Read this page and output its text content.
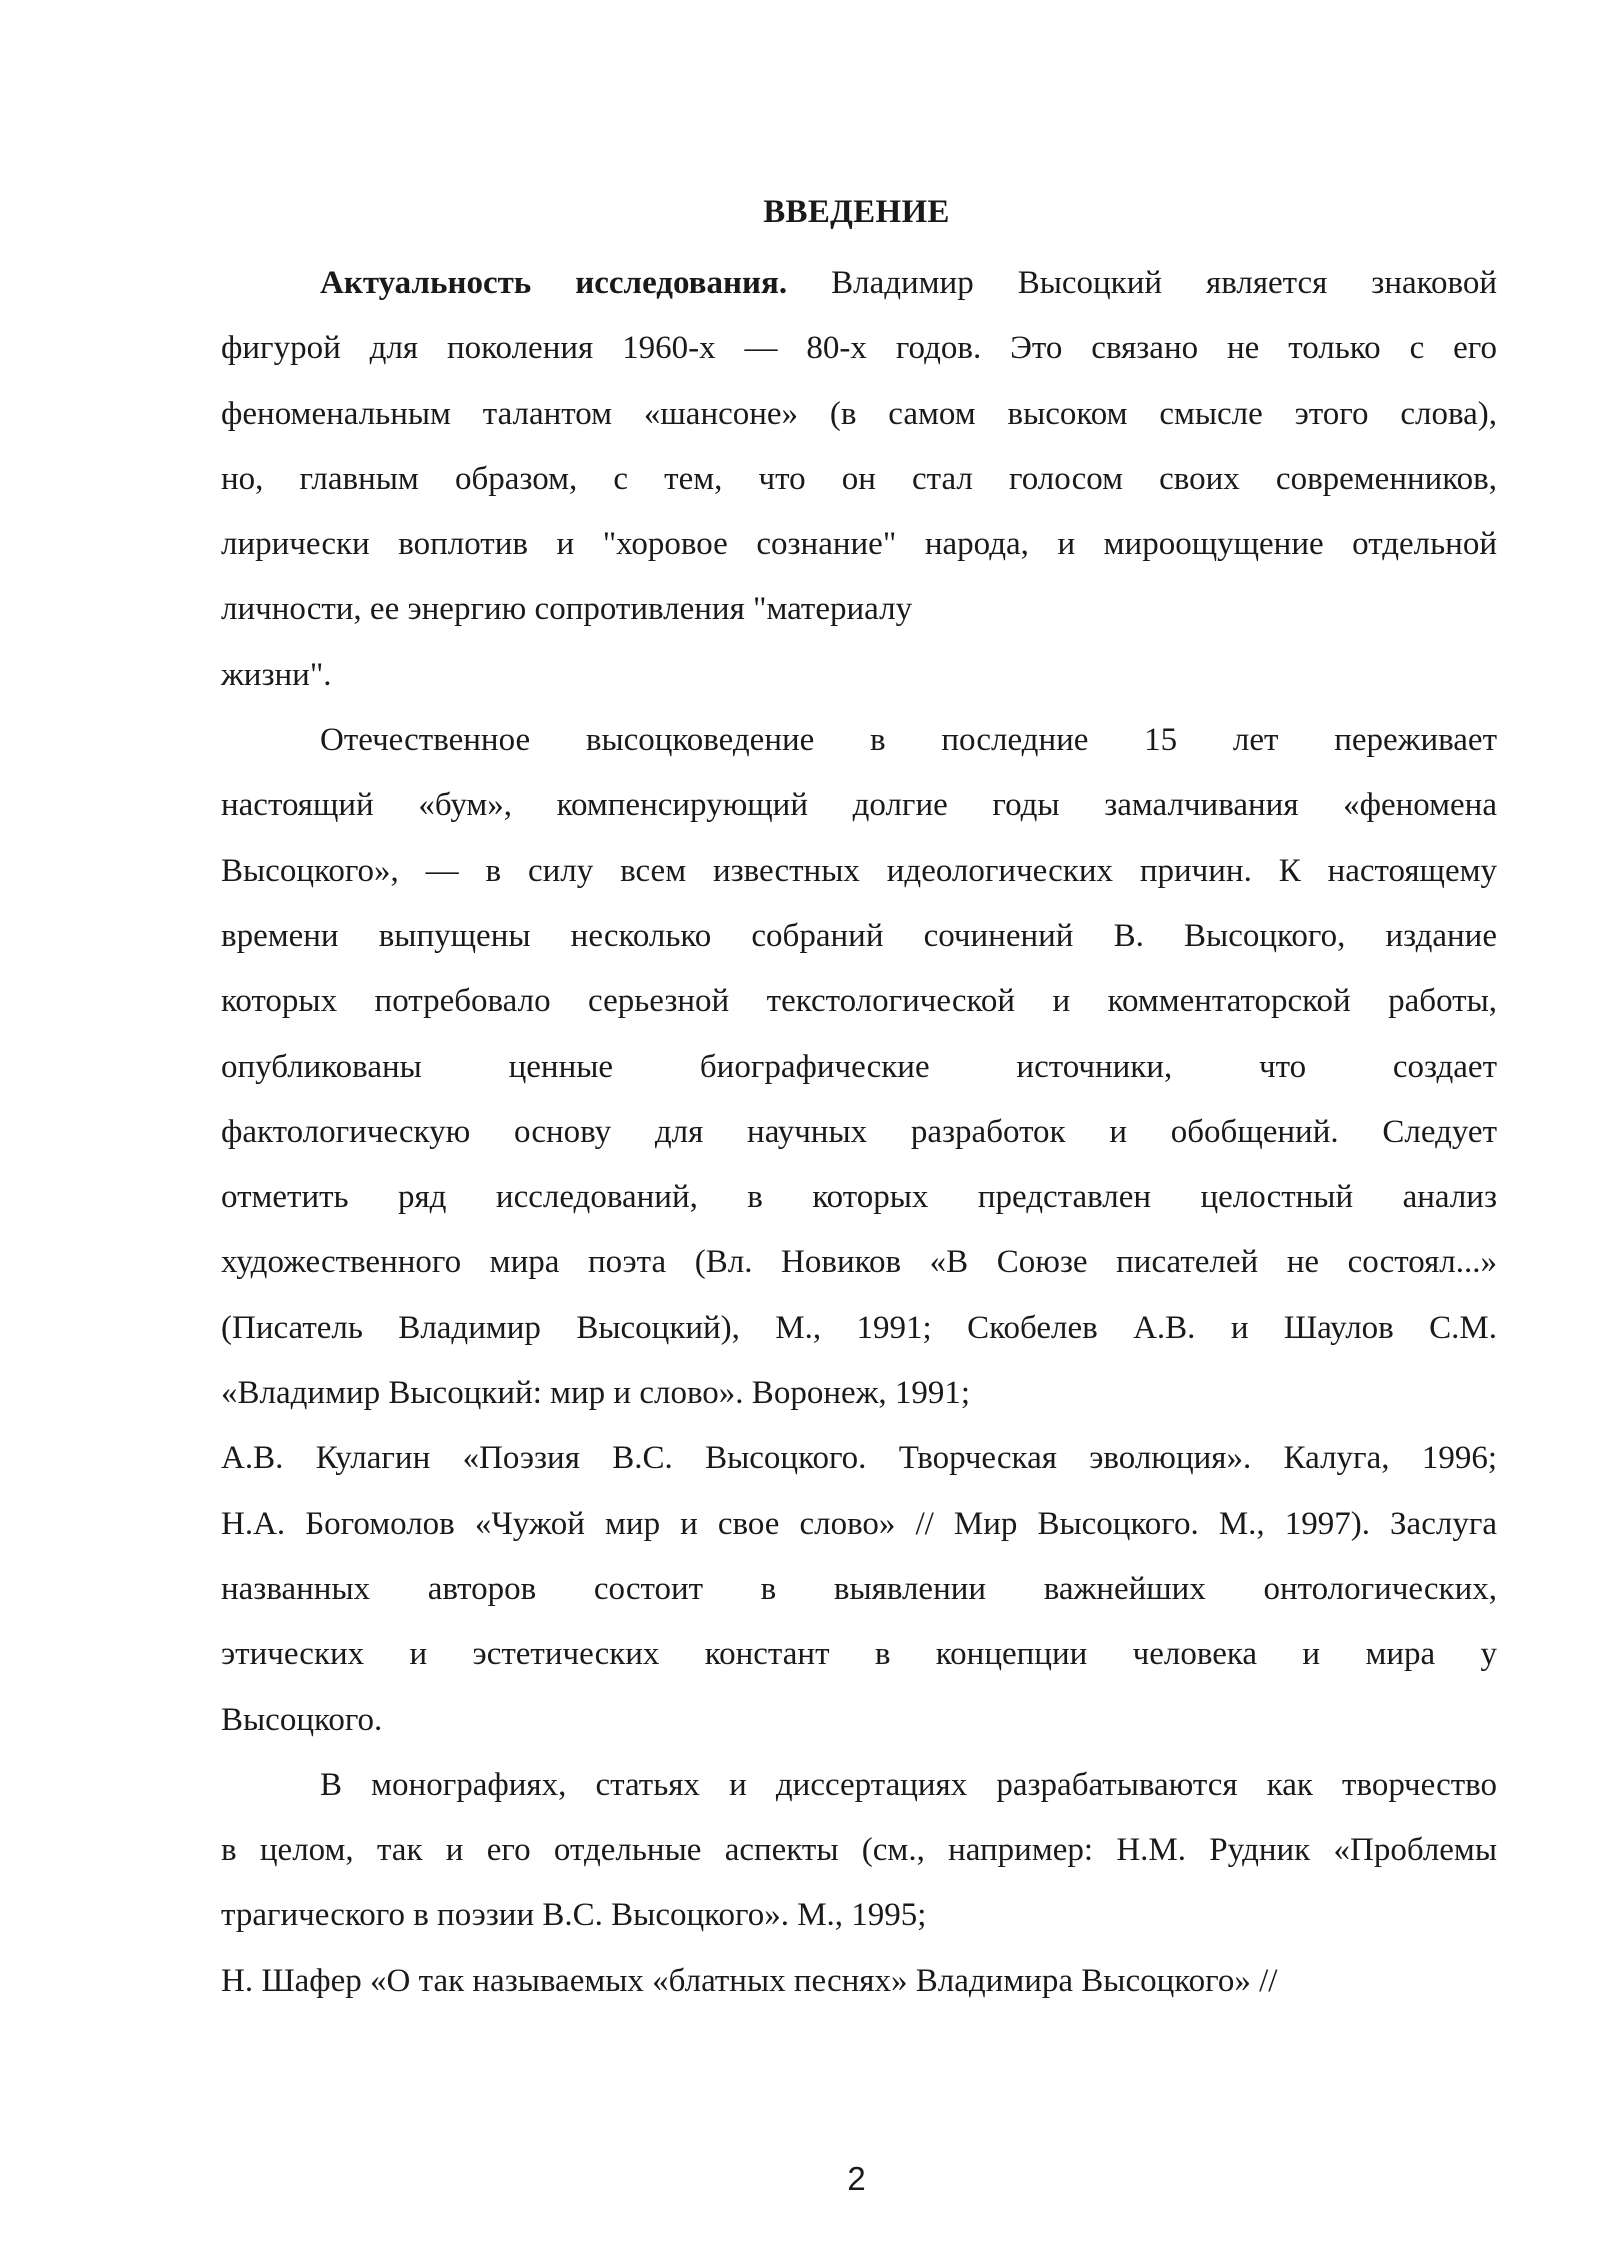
ВВЕДЕНИЕ
Актуальность исследования. Владимир Высоцкий является знаковой
фигурой для поколения 1960-х — 80-х годов. Это связано не только с его
феноменальным талантом «шансоне» (в самом высоком смысле этого слова),
но, главным образом, с тем, что он стал голосом своих современников,
лирически воплотив и "хоровое сознание" народа, и мироощущение отдельной
личности, ее энергию сопротивления "материалу
жизни".
Отечественное высоцковедение в последние 15 лет переживает
настоящий «бум», компенсирующий долгие годы замалчивания «феномена
Высоцкого», — в силу всем известных идеологических причин. К настоящему
времени выпущены несколько собраний сочинений В. Высоцкого, издание
которых потребовало серьезной текстологической и комментаторской работы,
опубликованы ценные биографические источники, что создает
фактологическую основу для научных разработок и обобщений. Следует
отметить ряд исследований, в которых представлен целостный анализ
художественного мира поэта (Вл. Новиков «В Союзе писателей не состоял...»
(Писатель Владимир Высоцкий), М., 1991; Скобелев А.В. и Шаулов С.М.
«Владимир Высоцкий: мир и слово». Воронеж, 1991;
А.В. Кулагин «Поэзия В.С. Высоцкого. Творческая эволюция». Калуга, 1996;
Н.А. Богомолов «Чужой мир и свое слово» // Мир Высоцкого. М., 1997). Заслуга
названных авторов состоит в выявлении важнейших онтологических,
этических и эстетических констант в концепции человека и мира у
Высоцкого.
В монографиях, статьях и диссертациях разрабатываются как творчество
в целом, так и его отдельные аспекты (см., например: Н.М. Рудник «Проблемы
трагического в поэзии В.С. Высоцкого». М., 1995;
Н. Шафер «О так называемых «блатных песнях» Владимира Высоцкого» //
2
